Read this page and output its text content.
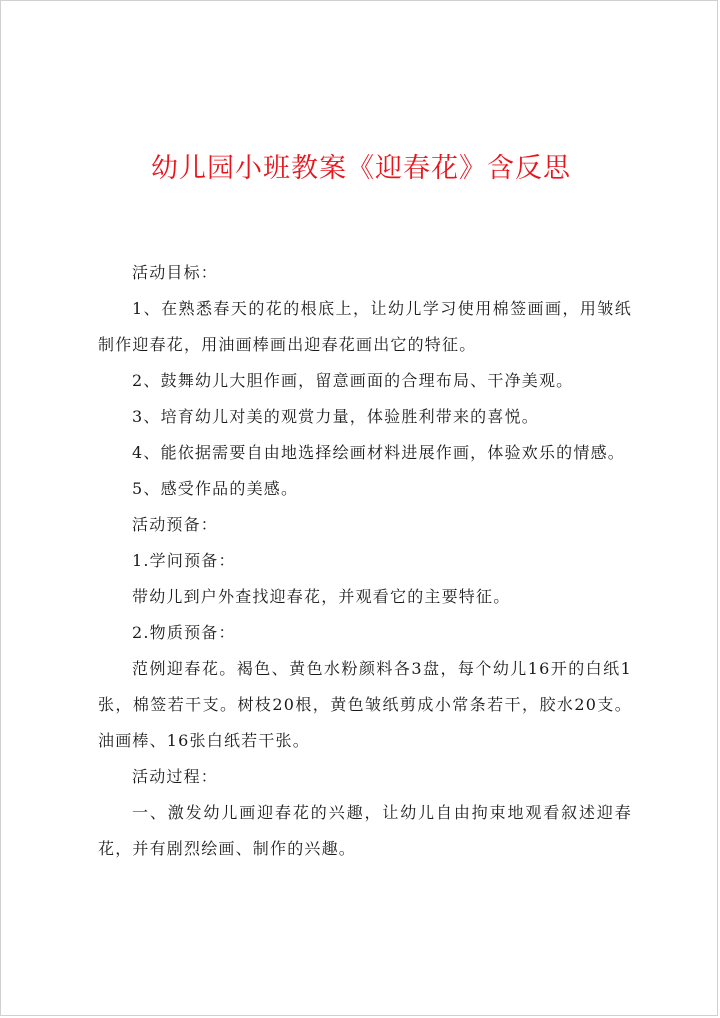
幼儿园小班教案《迎春花》含反思

活动目标：

1、在熟悉春天的花的根底上，让幼儿学习使用棉签画画，用皱纸制作迎春花，用油画棒画出迎春花画出它的特征。

2、鼓舞幼儿大胆作画，留意画面的合理布局、干净美观。

3、培育幼儿对美的观赏力量，体验胜利带来的喜悦。

4、能依据需要自由地选择绘画材料进展作画，体验欢乐的情感。

5、感受作品的美感。

活动预备：

1.学问预备：

带幼儿到户外查找迎春花，并观看它的主要特征。

2.物质预备：

范例迎春花。褐色、黄色水粉颜料各3盘，每个幼儿16开的白纸1张，棉签若干支。树枝20根，黄色皱纸剪成小常条若干，胶水20支。油画棒、16张白纸若干张。

活动过程：

一、激发幼儿画迎春花的兴趣，让幼儿自由拘束地观看叙述迎春花，并有剧烈绘画、制作的兴趣。
